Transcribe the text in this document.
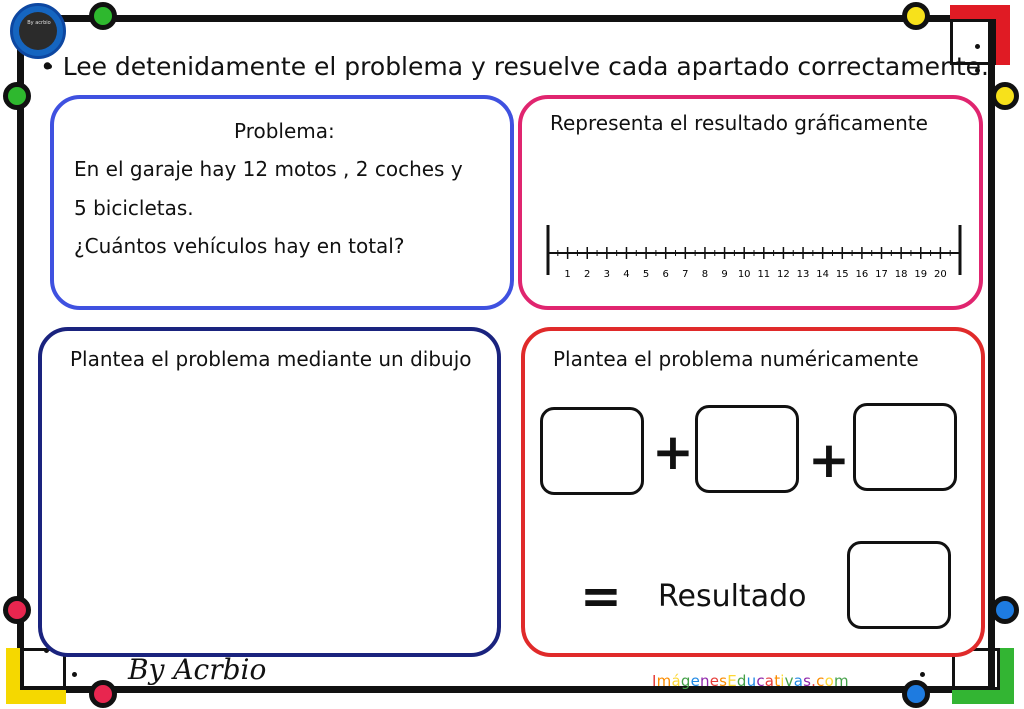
By acrbio
• Lee detenidamente el problema y resuelve cada apartado correctamente.
Problema:
En el garaje hay 12 motos , 2 coches y
5 bicicletas.
¿Cuántos vehículos hay en total?
Representa el resultado gráficamente
1 2 3 4 5 6 7 8 9 10 11 12 13 14 15 16 17 18 19 20
Plantea el problema mediante un dibujo	Plantea el problema numéricamente
+ +
= Resultado
By Acrbio	ImágenesEducativas.com
